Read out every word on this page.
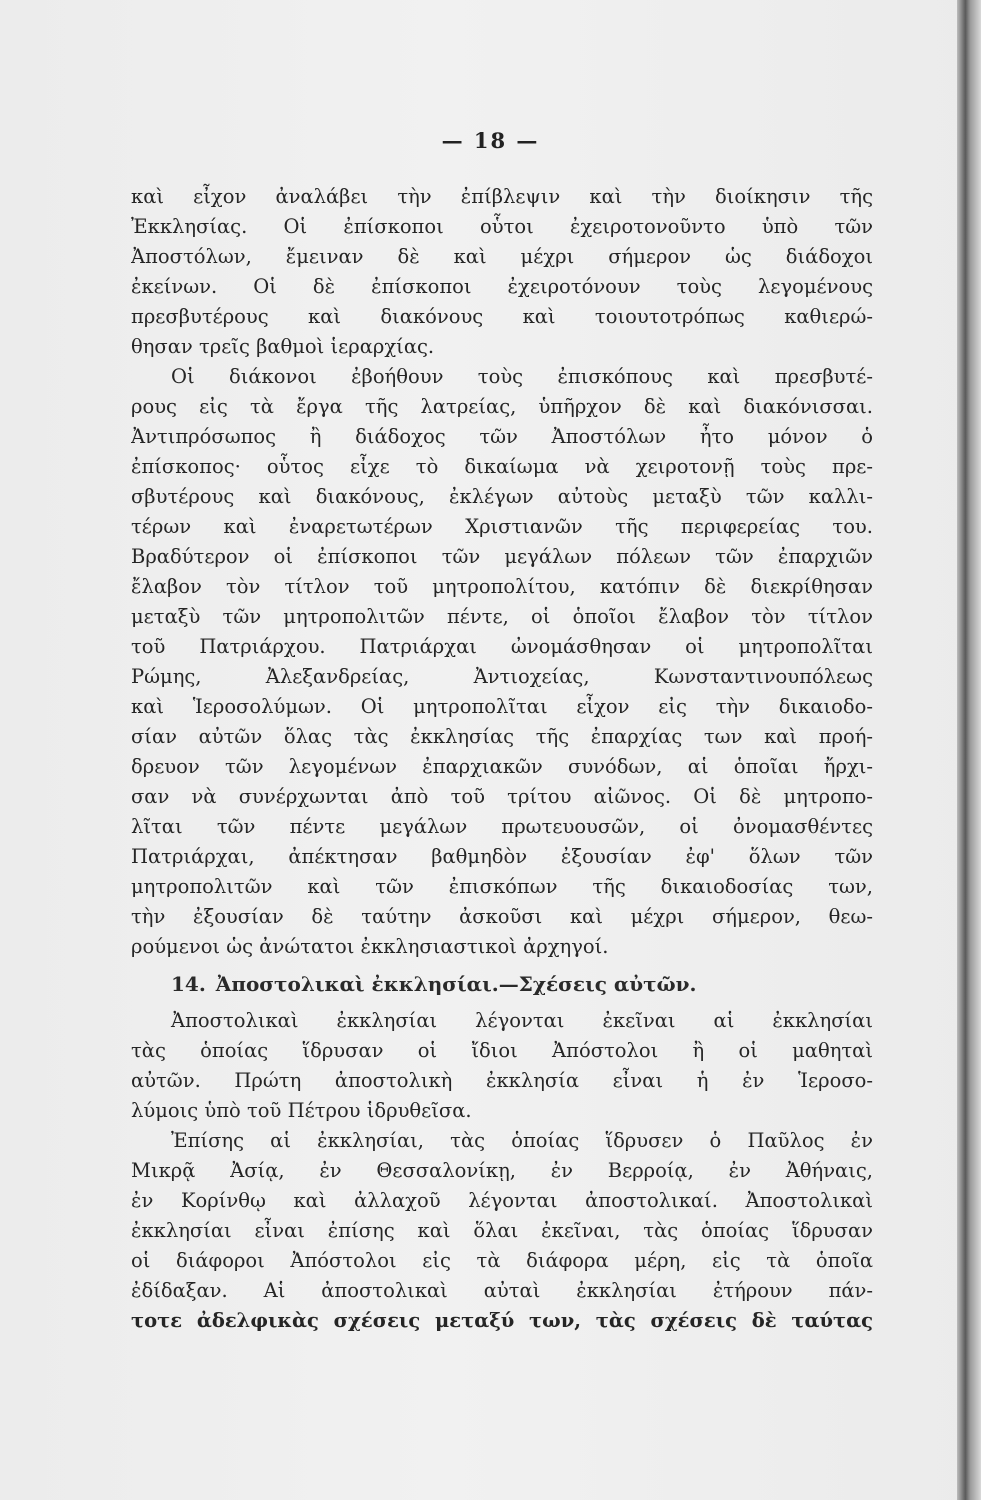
— 18 —
καὶ εἶχον ἀναλάβει τὴν ἐπίβλεψιν καὶ τὴν διοίκησιν τῆς
Ἐκκλησίας. Οἱ ἐπίσκοποι οὗτοι ἐχειροτονοῦντο ὑπὸ τῶν
Ἀποστόλων, ἔμειναν δὲ καὶ μέχρι σήμερον ὡς διάδοχοι
ἐκείνων. Οἱ δὲ ἐπίσκοποι ἐχειροτόνουν τοὺς λεγομένους
πρεσβυτέρους καὶ διακόνους καὶ τοιουτοτρόπως καθιερώ-
θησαν τρεῖς βαθμοὶ ἱεραρχίας.
Οἱ διάκονοι ἐβοήθουν τοὺς ἐπισκόπους καὶ πρεσβυτέ-
ρους εἰς τὰ ἔργα τῆς λατρείας, ὑπῆρχον δὲ καὶ διακόνισσαι.
Ἀντιπρόσωπος ἢ διάδοχος τῶν Ἀποστόλων ἦτο μόνον ὁ
ἐπίσκοπος· οὗτος εἶχε τὸ δικαίωμα νὰ χειροτονῇ τοὺς πρε-
σβυτέρους καὶ διακόνους, ἐκλέγων αὐτοὺς μεταξὺ τῶν καλλι-
τέρων καὶ ἐναρετωτέρων Χριστιανῶν τῆς περιφερείας του.
Βραδύτερον οἱ ἐπίσκοποι τῶν μεγάλων πόλεων τῶν ἐπαρχιῶν
ἔλαβον τὸν τίτλον τοῦ μητροπολίτου, κατόπιν δὲ διεκρίθησαν
μεταξὺ τῶν μητροπολιτῶν πέντε, οἱ ὁποῖοι ἔλαβον τὸν τίτλον
τοῦ Πατριάρχου. Πατριάρχαι ὠνομάσθησαν οἱ μητροπολῖται
Ρώμης, Ἀλεξανδρείας, Ἀντιοχείας, Κωνσταντινουπόλεως
καὶ Ἱεροσολύμων. Οἱ μητροπολῖται εἶχον εἰς τὴν δικαιοδο-
σίαν αὐτῶν ὅλας τὰς ἐκκλησίας τῆς ἐπαρχίας των καὶ προή-
δρευον τῶν λεγομένων ἐπαρχιακῶν συνόδων, αἱ ὁποῖαι ἤρχι-
σαν νὰ συνέρχωνται ἀπὸ τοῦ τρίτου αἰῶνος. Οἱ δὲ μητροπο-
λῖται τῶν πέντε μεγάλων πρωτευουσῶν, οἱ ὀνομασθέντες
Πατριάρχαι, ἀπέκτησαν βαθμηδὸν ἐξουσίαν ἐφ' ὅλων τῶν
μητροπολιτῶν καὶ τῶν ἐπισκόπων τῆς δικαιοδοσίας των,
τὴν ἐξουσίαν δὲ ταύτην ἀσκοῦσι καὶ μέχρι σήμερον, θεω-
ρούμενοι ὡς ἀνώτατοι ἐκκλησιαστικοὶ ἀρχηγοί.
14. Ἀποστολικαὶ ἐκκλησίαι.—Σχέσεις αὐτῶν.
Ἀποστολικαὶ ἐκκλησίαι λέγονται ἐκεῖναι αἱ ἐκκλησίαι
τὰς ὁποίας ἵδρυσαν οἱ ἴδιοι Ἀπόστολοι ἢ οἱ μαθηταὶ
αὐτῶν. Πρώτη ἀποστολικὴ ἐκκλησία εἶναι ἡ ἐν Ἱεροσο-
λύμοις ὑπὸ τοῦ Πέτρου ἱδρυθεῖσα.
Ἐπίσης αἱ ἐκκλησίαι, τὰς ὁποίας ἵδρυσεν ὁ Παῦλος ἐν
Μικρᾷ Ἀσίᾳ, ἐν Θεσσαλονίκῃ, ἐν Βερροίᾳ, ἐν Ἀθήναις,
ἐν Κορίνθῳ καὶ ἀλλαχοῦ λέγονται ἀποστολικαί. Ἀποστολικαὶ
ἐκκλησίαι εἶναι ἐπίσης καὶ ὅλαι ἐκεῖναι, τὰς ὁποίας ἵδρυσαν
οἱ διάφοροι Ἀπόστολοι εἰς τὰ διάφορα μέρη, εἰς τὰ ὁποῖα
ἐδίδαξαν. Αἱ ἀποστολικαὶ αὐταὶ ἐκκλησίαι ἐτήρουν πάν-
τοτε ἀδελφικὰς σχέσεις μεταξύ των, τὰς σχέσεις δὲ ταύτας
